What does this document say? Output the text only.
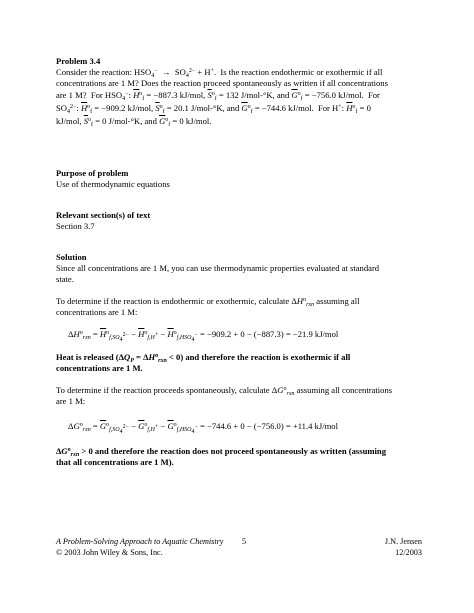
Problem 3.4
Consider the reaction: $HSO_4^- \to SO_4^{2-} + H^+$.  Is the reaction endothermic or exothermic if all
concentrations are 1 M? Does the reaction proceed spontaneously as written if all concentrations
are 1 M?  For $HSO_4^-$: $\overline{H}^o_f = -887.3$ kJ/mol, $\overline{S}^o_f = 132$ J/mol-°K, and $\overline{G}^o_f = -756.0$ kJ/mol.  For
$SO_4^{2-}$: $\overline{H}^o_f = -909.2$ kJ/mol, $\overline{S}^o_f = 20.1$ J/mol-°K, and $\overline{G}^o_f = -744.6$ kJ/mol.  For H+: $\overline{H}^o_f = 0$
kJ/mol, $\overline{S}^o_f = 0$ J/mol-°K, and $\overline{G}^o_f = 0$ kJ/mol.
Purpose of problem
Use of thermodynamic equations
Relevant section(s) of text
Section 3.7
Solution
Since all concentrations are 1 M, you can use thermodynamic properties evaluated at standard
state.
To determine if the reaction is endothermic or exothermic, calculate $\Delta H^o_{rxn}$ assuming all
concentrations are 1 M:
$\Delta H^o_{rxn} = \overline{H}^o_{f,SO_4^{2-}} - \overline{H}^o_{f,H^+} - \overline{H}^o_{f,HSO_4^-} = -909.2 + 0 - (-887.3) = -21.9$ kJ/mol
Heat is released $(\Delta Q_P = \Delta H^o_{rxn} < 0)$ and therefore the reaction is exothermic if all
concentrations are 1 M.
To determine if the reaction proceeds spontaneously, calculate $\Delta G^o_{rxn}$ assuming all concentrations
are 1 M:
$\Delta G^o_{rxn} = \overline{G}^o_{f,SO_4^{2-}} - \overline{G}^o_{f,H^+} - \overline{G}^o_{f,HSO_4^-} = -744.6 + 0 - (-756.0) = +11.4$ kJ/mol
$\Delta G^o_{rxn} > 0$ and therefore the reaction does not proceed spontaneously as written (assuming
that all concentrations are 1 M).
A Problem-Solving Approach to Aquatic Chemistry
© 2003 John Wiley & Sons, Inc.
5	J.N. Jensen
12/2003
